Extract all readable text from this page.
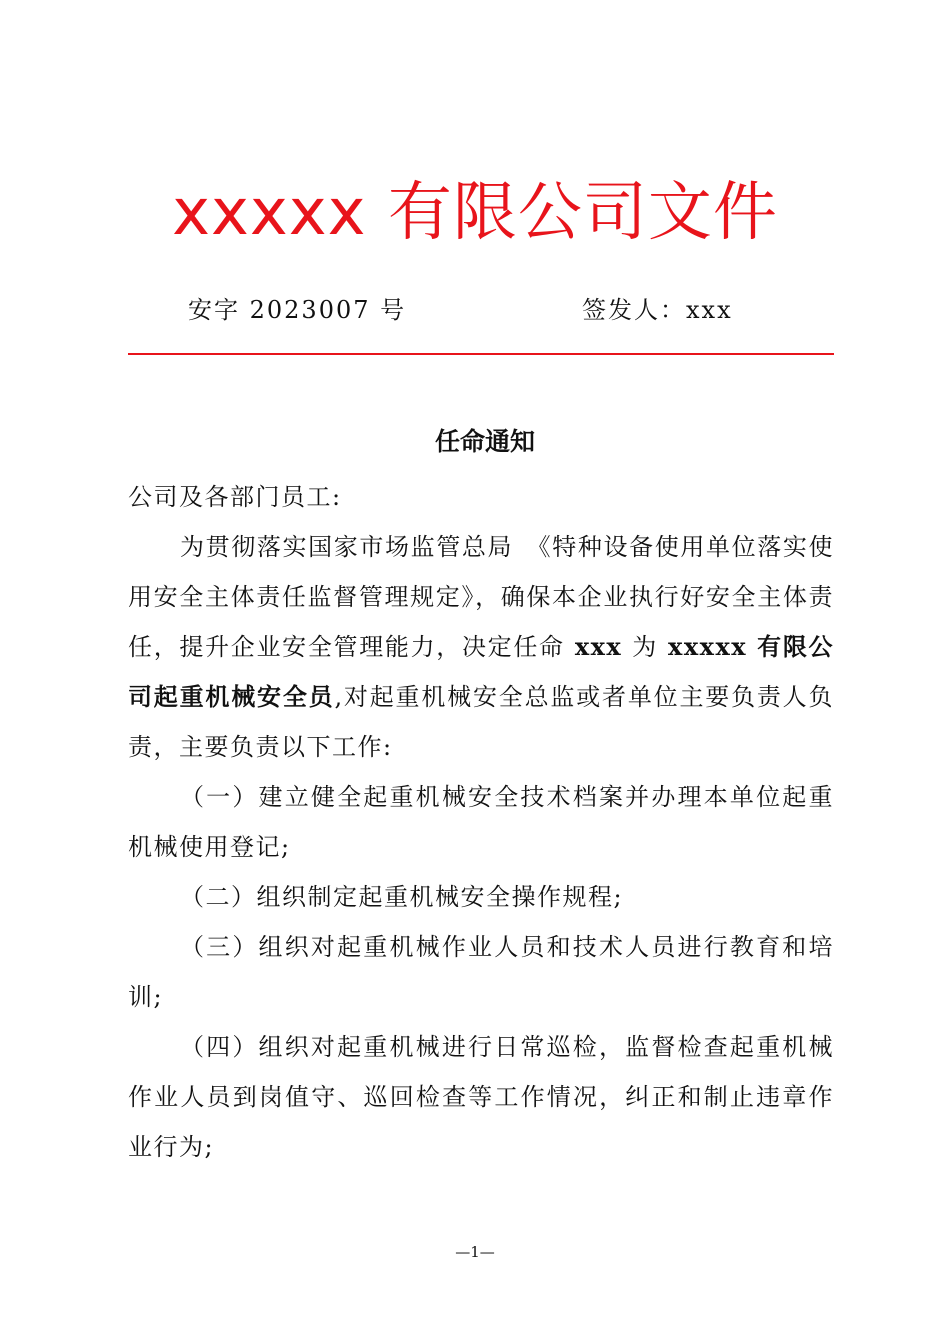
xxxxx 有限公司文件
安字 2023007 号	签发人：xxx
任命通知

公司及各部门员工:

为贯彻落实国家市场监管总局　《特种设备使用单位落实使用安全主体责任监督管理规定》，确保本企业执行好安全主体责任，提升企业安全管理能力，决定任命 xxx 为 xxxxx 有限公司起重机械安全员,对起重机械安全总监或者单位主要负责人负责，主要负责以下工作:

（一）建立健全起重机械安全技术档案并办理本单位起重机械使用登记;

（二）组织制定起重机械安全操作规程;

（三）组织对起重机械作业人员和技术人员进行教育和培训;

（四）组织对起重机械进行日常巡检，监督检查起重机械作业人员到岗值守、巡回检查等工作情况，纠正和制止违章作业行为;

—1—
